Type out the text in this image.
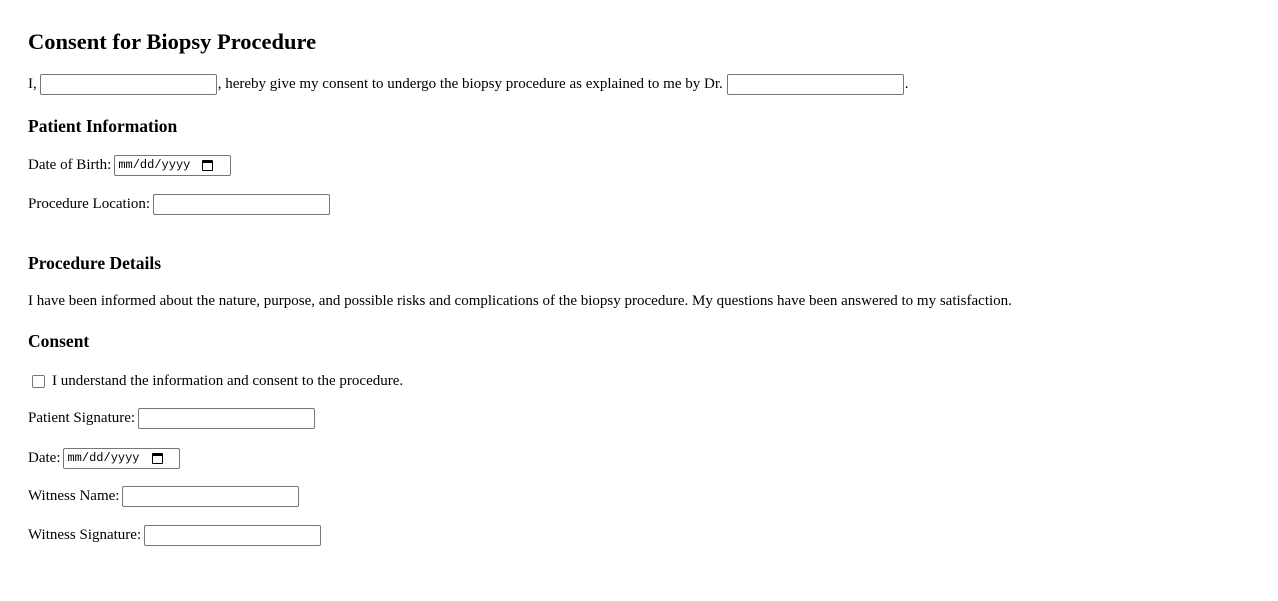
Consent for Biopsy Procedure
I,	, hereby give my consent to undergo the biopsy procedure as explained to me by Dr.	.
Patient Information
Date of Birth: mm/dd/yyyy
Procedure Location:
Procedure Details
I have been informed about the nature, purpose, and possible risks and complications of the biopsy procedure. My questions have been answered to my satisfaction.
Consent
I understand the information and consent to the procedure.
Patient Signature:
Date: mm/dd/yyyy
Witness Name:
Witness Signature:
